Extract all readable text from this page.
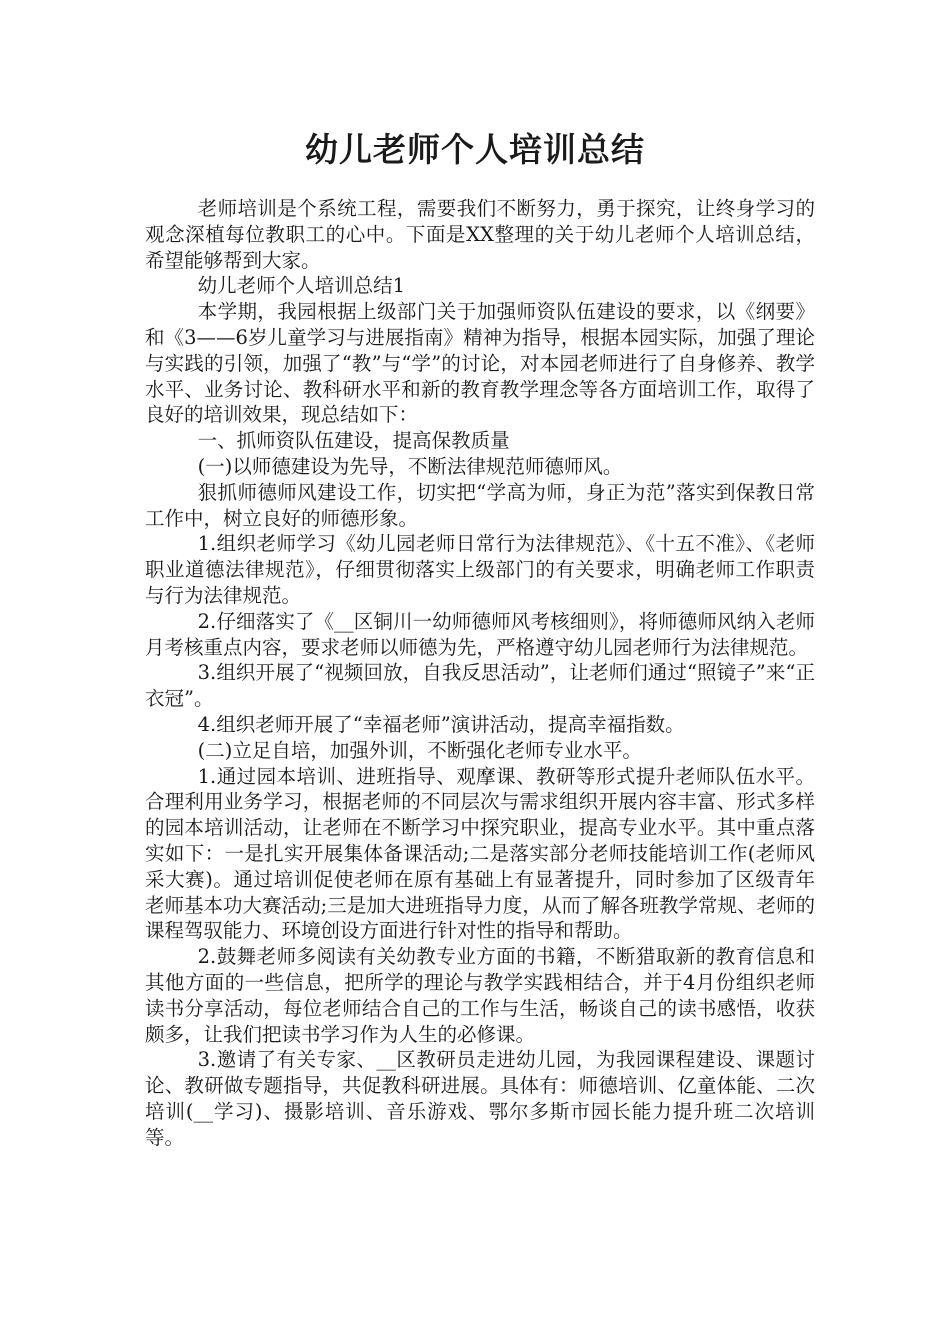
幼儿老师个人培训总结

老师培训是个系统工程，需要我们不断努力，勇于探究，让终身学习的观念深植每位教职工的心中。下面是XX整理的关于幼儿老师个人培训总结，希望能够帮到大家。

幼儿老师个人培训总结1

本学期，我园根据上级部门关于加强师资队伍建设的要求，以《纲要》和《3——6岁儿童学习与进展指南》精神为指导，根据本园实际，加强了理论与实践的引领，加强了“教”与“学”的讨论，对本园老师进行了自身修养、教学水平、业务讨论、教科研水平和新的教育教学理念等各方面培训工作，取得了良好的培训效果，现总结如下：

一、抓师资队伍建设，提高保教质量

(一)以师德建设为先导，不断法律规范师德师风。

狠抓师德师风建设工作，切实把“学高为师，身正为范”落实到保教日常工作中，树立良好的师德形象。

1.组织老师学习《幼儿园老师日常行为法律规范》、《十五不准》、《老师职业道德法律规范》，仔细贯彻落实上级部门的有关要求，明确老师工作职责与行为法律规范。

2.仔细落实了《__区铜川一幼师德师风考核细则》，将师德师风纳入老师月考核重点内容，要求老师以师德为先，严格遵守幼儿园老师行为法律规范。

3.组织开展了“视频回放，自我反思活动”，让老师们通过“照镜子”来“正衣冠”。

4.组织老师开展了“幸福老师”演讲活动，提高幸福指数。

(二)立足自培，加强外训，不断强化老师专业水平。

1.通过园本培训、进班指导、观摩课、教研等形式提升老师队伍水平。合理利用业务学习，根据老师的不同层次与需求组织开展内容丰富、形式多样的园本培训活动，让老师在不断学习中探究职业，提高专业水平。其中重点落实如下：一是扎实开展集体备课活动;二是落实部分老师技能培训工作(老师风采大赛)。通过培训促使老师在原有基础上有显著提升，同时参加了区级青年老师基本功大赛活动;三是加大进班指导力度，从而了解各班教学常规、老师的课程驾驭能力、环境创设方面进行针对性的指导和帮助。

2.鼓舞老师多阅读有关幼教专业方面的书籍，不断猎取新的教育信息和其他方面的一些信息，把所学的理论与教学实践相结合，并于4月份组织老师读书分享活动，每位老师结合自己的工作与生活，畅谈自己的读书感悟，收获颇多，让我们把读书学习作为人生的必修课。

3.邀请了有关专家、__区教研员走进幼儿园，为我园课程建设、课题讨论、教研做专题指导，共促教科研进展。具体有：师德培训、亿童体能、二次培训(__学习)、摄影培训、音乐游戏、鄂尔多斯市园长能力提升班二次培训等。
